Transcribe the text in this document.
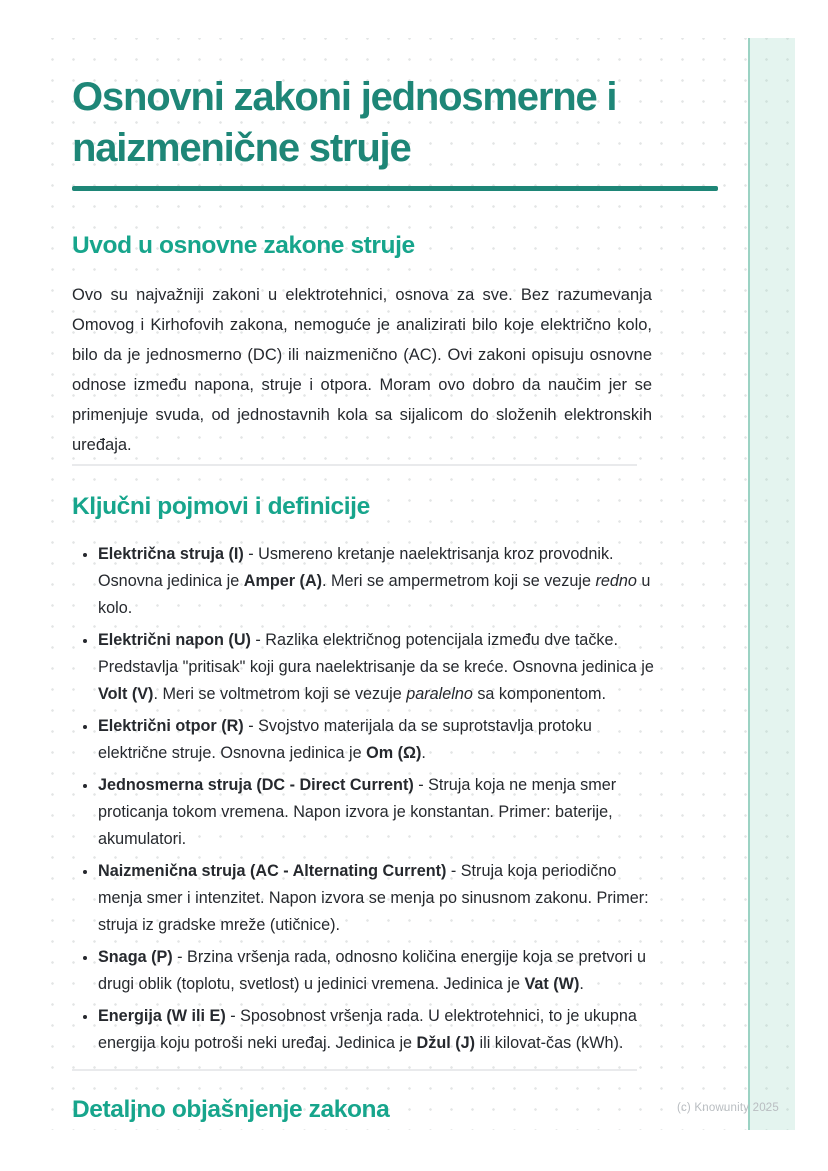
Osnovni zakoni jednosmerne i naizmenične struje
Uvod u osnovne zakone struje

Ovo su najvažniji zakoni u elektrotehnici, osnova za sve. Bez razumevanja Omovog i Kirhofovih zakona, nemoguće je analizirati bilo koje električno kolo, bilo da je jednosmerno (DC) ili naizmenično (AC). Ovi zakoni opisuju osnovne odnose između napona, struje i otpora. Moram ovo dobro da naučim jer se primenjuje svuda, od jednostavnih kola sa sijalicom do složenih elektronskih uređaja.

Ključni pojmovi i definicije
• Električna struja (I) - Usmereno kretanje naelektrisanja kroz provodnik. Osnovna jedinica je Amper (A). Meri se ampermetrom koji se vezuje redno u kolo.
• Električni napon (U) - Razlika električnog potencijala između dve tačke. Predstavlja "pritisak" koji gura naelektrisanje da se kreće. Osnovna jedinica je Volt (V). Meri se voltmetrom koji se vezuje paralelno sa komponentom.
• Električni otpor (R) - Svojstvo materijala da se suprotstavlja protoku električne struje. Osnovna jedinica je Om (Ω).
• Jednosmerna struja (DC - Direct Current) - Struja koja ne menja smer proticanja tokom vremena. Napon izvora je konstantan. Primer: baterije, akumulatori.
• Naizmenična struja (AC - Alternating Current) - Struja koja periodično menja smer i intenzitet. Napon izvora se menja po sinusnom zakonu. Primer: struja iz gradske mreže (utičnice).
• Snaga (P) - Brzina vršenja rada, odnosno količina energije koja se pretvori u drugi oblik (toplotu, svetlost) u jedinici vremena. Jedinica je Vat (W).
• Energija (W ili E) - Sposobnost vršenja rada. U elektrotehnici, to je ukupna energija koju potroši neki uređaj. Jedinica je Džul (J) ili kilovat-čas (kWh).
Detaljno objašnjenje zakona	(c) Knowunity 2025
